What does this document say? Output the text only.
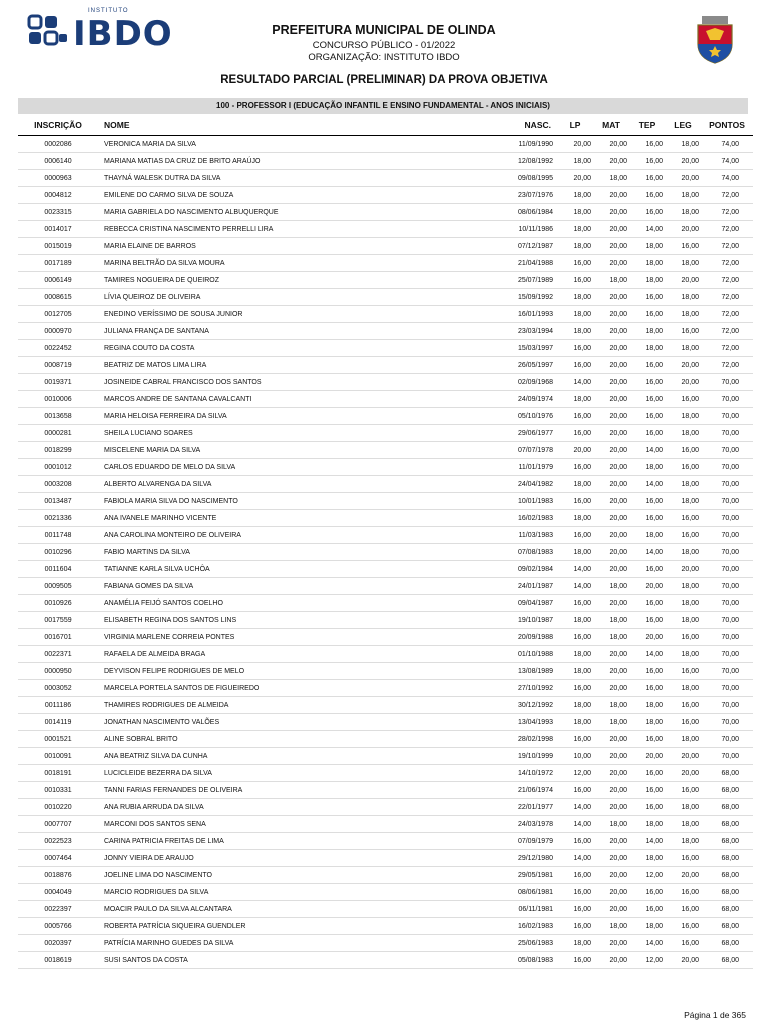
INSTITUTO
IBDO	PREFEITURA MUNICIPAL DE OLINDA
CONCURSO PÚBLICO - 01/2022
ORGANIZAÇÃO: INSTITUTO IBDO
RESULTADO PARCIAL (PRELIMINAR) DA PROVA OBJETIVA
100 - PROFESSOR I (EDUCAÇÃO INFANTIL E ENSINO FUNDAMENTAL - ANOS INICIAIS)
INSCRIÇÃO	NOME	NASC.	LP	MAT	TEP	LEG	PONTOS
0002086	VERONICA MARIA DA SILVA	11/09/1990	20,00	20,00	16,00	18,00	74,00
0006140	MARIANA MATIAS DA CRUZ DE BRITO ARAÚJO	12/08/1992	18,00	20,00	16,00	20,00	74,00
0000963	THAYNÁ WALESK DUTRA DA SILVA	09/08/1995	20,00	18,00	16,00	20,00	74,00
0004812	EMILENE DO CARMO SILVA DE SOUZA	23/07/1976	18,00	20,00	16,00	18,00	72,00
0023315	MARIA GABRIELA DO NASCIMENTO ALBUQUERQUE	08/06/1984	18,00	20,00	16,00	18,00	72,00
0014017	REBECCA CRISTINA NASCIMENTO PERRELLI LIRA	10/11/1986	18,00	20,00	14,00	20,00	72,00
0015019	MARIA ELAINE DE BARROS	07/12/1987	18,00	20,00	18,00	16,00	72,00
0017189	MARINA BELTRÃO DA SILVA MOURA	21/04/1988	16,00	20,00	18,00	18,00	72,00
0006149	TAMIRES NOGUEIRA DE QUEIROZ	25/07/1989	16,00	18,00	18,00	20,00	72,00
0008615	LÍVIA QUEIROZ DE OLIVEIRA	15/09/1992	18,00	20,00	16,00	18,00	72,00
0012705	ENEDINO VERÍSSIMO DE SOUSA JUNIOR	16/01/1993	18,00	20,00	16,00	18,00	72,00
0000970	JULIANA FRANÇA DE SANTANA	23/03/1994	18,00	20,00	18,00	16,00	72,00
0022452	REGINA COUTO DA COSTA	15/03/1997	16,00	20,00	18,00	18,00	72,00
0008719	BEATRIZ DE MATOS LIMA LIRA	26/05/1997	16,00	20,00	16,00	20,00	72,00
0019371	JOSINEIDE CABRAL FRANCISCO DOS SANTOS	02/09/1968	14,00	20,00	16,00	20,00	70,00
0010006	MARCOS ANDRE DE SANTANA CAVALCANTI	24/09/1974	18,00	20,00	16,00	16,00	70,00
0013658	MARIA HELOISA FERREIRA DA SILVA	05/10/1976	16,00	20,00	16,00	18,00	70,00
0000281	SHEILA LUCIANO SOARES	29/06/1977	16,00	20,00	16,00	18,00	70,00
0018299	MISCELENE MARIA DA SILVA	07/07/1978	20,00	20,00	14,00	16,00	70,00
0001012	CARLOS EDUARDO DE MELO DA SILVA	11/01/1979	16,00	20,00	18,00	16,00	70,00
0003208	ALBERTO ALVARENGA DA SILVA	24/04/1982	18,00	20,00	14,00	18,00	70,00
0013487	FABIOLA MARIA SILVA DO NASCIMENTO	10/01/1983	16,00	20,00	16,00	18,00	70,00
0021336	ANA IVANELE MARINHO VICENTE	16/02/1983	18,00	20,00	16,00	16,00	70,00
0011748	ANA CAROLINA MONTEIRO DE OLIVEIRA	11/03/1983	16,00	20,00	18,00	16,00	70,00
0010296	FABIO MARTINS DA SILVA	07/08/1983	18,00	20,00	14,00	18,00	70,00
0011604	TATIANNE KARLA SILVA UCHÔA	09/02/1984	14,00	20,00	16,00	20,00	70,00
0009505	FABIANA GOMES DA SILVA	24/01/1987	14,00	18,00	20,00	18,00	70,00
0010926	ANAMÉLIA FEIJÓ SANTOS COELHO	09/04/1987	16,00	20,00	16,00	18,00	70,00
0017559	ELISABETH REGINA DOS SANTOS LINS	19/10/1987	18,00	18,00	16,00	18,00	70,00
0016701	VIRGINIA MARLENE CORREIA PONTES	20/09/1988	16,00	18,00	20,00	16,00	70,00
0022371	RAFAELA DE ALMEIDA BRAGA	01/10/1988	18,00	20,00	14,00	18,00	70,00
0000950	DEYVISON FELIPE RODRIGUES DE MELO	13/08/1989	18,00	20,00	16,00	16,00	70,00
0003052	MARCELA PORTELA SANTOS DE FIGUEIREDO	27/10/1992	16,00	20,00	16,00	18,00	70,00
0011186	THAMIRES RODRIGUES DE ALMEIDA	30/12/1992	18,00	18,00	18,00	16,00	70,00
0014119	JONATHAN NASCIMENTO VALÕES	13/04/1993	18,00	18,00	18,00	16,00	70,00
0001521	ALINE SOBRAL BRITO	28/02/1998	16,00	20,00	16,00	18,00	70,00
0010091	ANA BEATRIZ SILVA DA CUNHA	19/10/1999	10,00	20,00	20,00	20,00	70,00
0018191	LUCICLEIDE BEZERRA DA SILVA	14/10/1972	12,00	20,00	16,00	20,00	68,00
0010331	TANNI FARIAS FERNANDES DE OLIVEIRA	21/06/1974	16,00	20,00	16,00	16,00	68,00
0010220	ANA RUBIA ARRUDA DA SILVA	22/01/1977	14,00	20,00	16,00	18,00	68,00
0007707	MARCONI DOS SANTOS SENA	24/03/1978	14,00	18,00	18,00	18,00	68,00
0022523	CARINA PATRICIA FREITAS DE LIMA	07/09/1979	16,00	20,00	14,00	18,00	68,00
0007464	JONNY VIEIRA DE ARAUJO	29/12/1980	14,00	20,00	18,00	16,00	68,00
0018876	JOELINE LIMA DO NASCIMENTO	29/05/1981	16,00	20,00	12,00	20,00	68,00
0004049	MARCIO RODRIGUES DA SILVA	08/06/1981	16,00	20,00	16,00	16,00	68,00
0022397	MOACIR PAULO DA SILVA ALCANTARA	06/11/1981	16,00	20,00	16,00	16,00	68,00
0005766	ROBERTA PATRÍCIA SIQUEIRA GUENDLER	16/02/1983	16,00	18,00	18,00	16,00	68,00
0020397	PATRÍCIA MARINHO GUEDES DA SILVA	25/06/1983	18,00	20,00	14,00	16,00	68,00
0018619	SUSI SANTOS DA COSTA	05/08/1983	16,00	20,00	12,00	20,00	68,00
Página 1 de 365
